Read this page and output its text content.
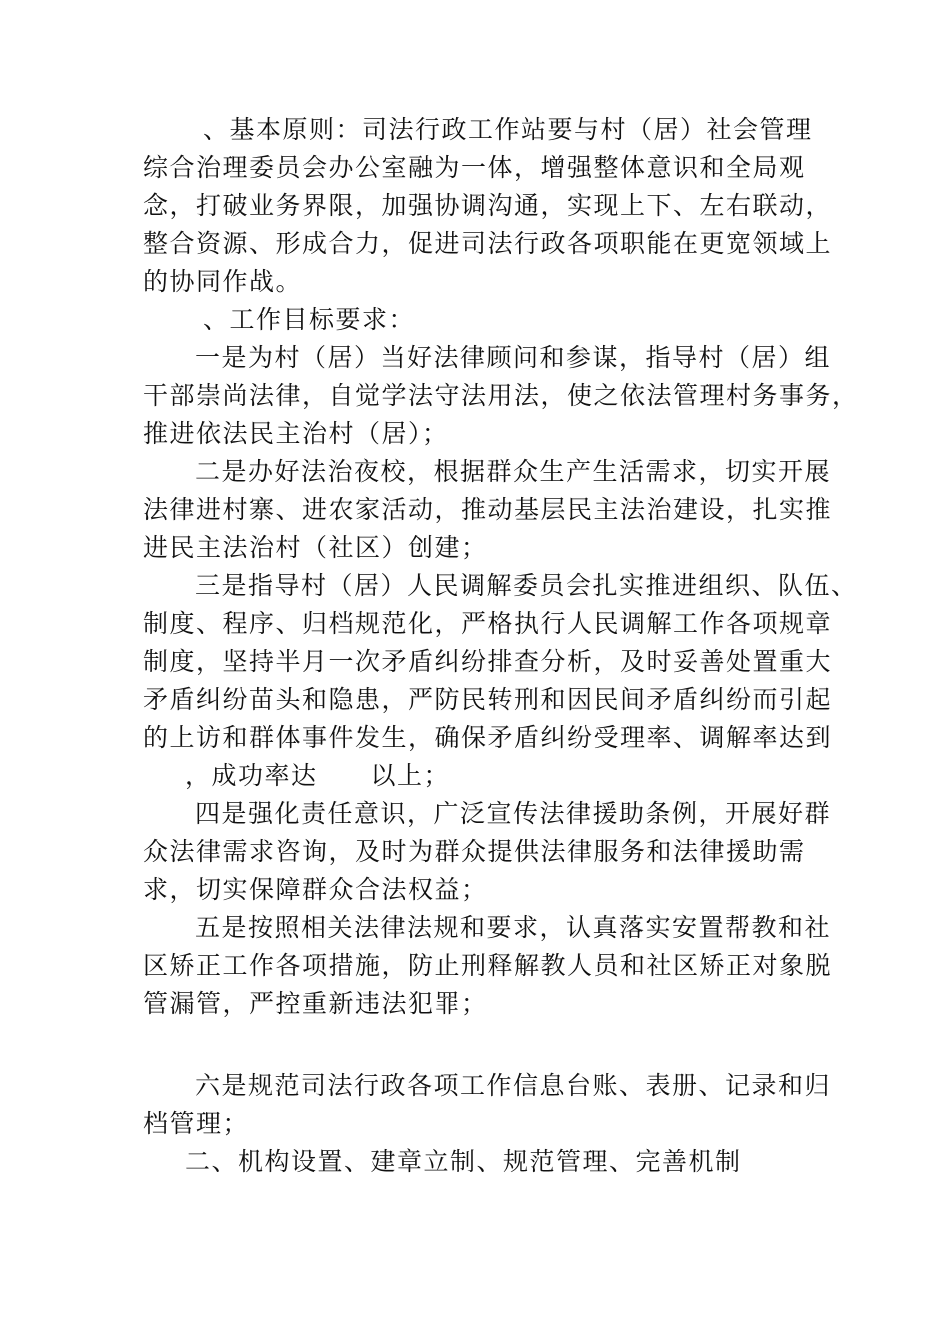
、基本原则：司法行政工作站要与村（居）社会管理
综合治理委员会办公室融为一体，增强整体意识和全局观
念，打破业务界限，加强协调沟通，实现上下、左右联动，
整合资源、形成合力，促进司法行政各项职能在更宽领域上
的协同作战。
、工作目标要求：
一是为村（居）当好法律顾问和参谋，指导村（居）组
干部崇尚法律，自觉学法守法用法，使之依法管理村务事务，
推进依法民主治村（居）；
二是办好法治夜校，根据群众生产生活需求，切实开展
法律进村寨、进农家活动，推动基层民主法治建设，扎实推
进民主法治村（社区）创建；
三是指导村（居）人民调解委员会扎实推进组织、队伍、
制度、程序、归档规范化，严格执行人民调解工作各项规章
制度，坚持半月一次矛盾纠纷排查分析，及时妥善处置重大
矛盾纠纷苗头和隐患，严防民转刑和因民间矛盾纠纷而引起
的上访和群体事件发生，确保矛盾纠纷受理率、调解率达到
，成功率达　　以上；
四是强化责任意识，广泛宣传法律援助条例，开展好群
众法律需求咨询，及时为群众提供法律服务和法律援助需
求，切实保障群众合法权益；
五是按照相关法律法规和要求，认真落实安置帮教和社
区矫正工作各项措施，防止刑释解教人员和社区矫正对象脱
管漏管，严控重新违法犯罪；
六是规范司法行政各项工作信息台账、表册、记录和归
档管理；
二、机构设置、建章立制、规范管理、完善机制
